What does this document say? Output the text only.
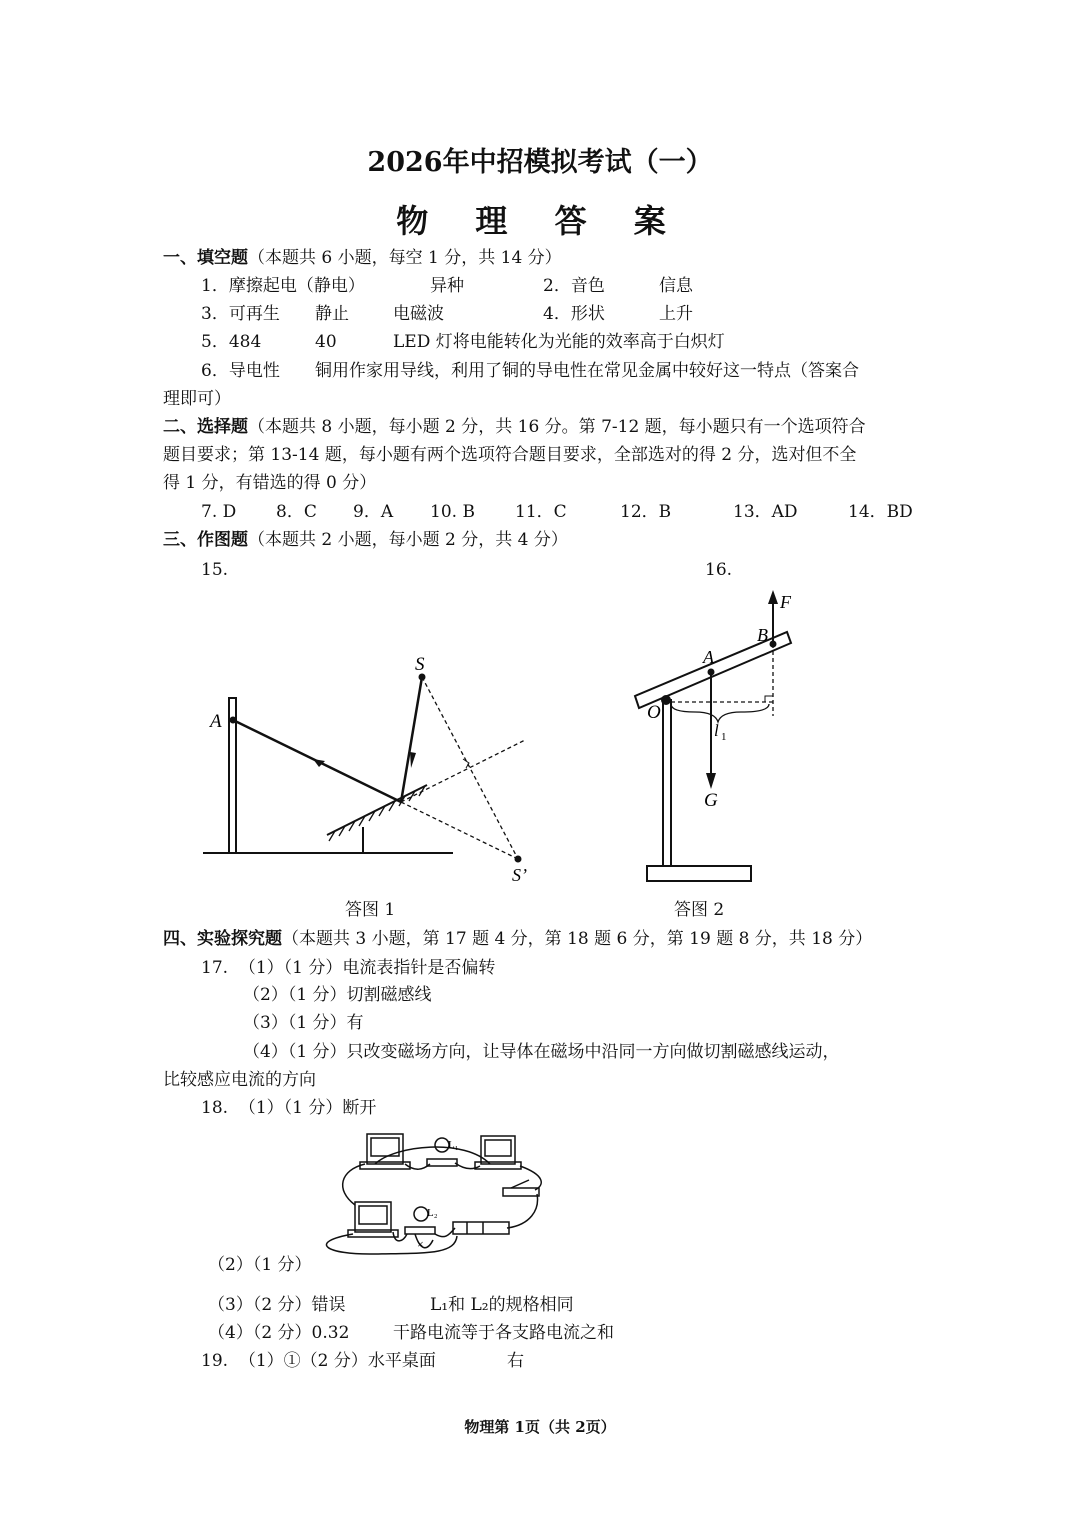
2026年中招模拟考试（一）
物 理 答 案
一、填空题（本题共 6 小题，每空 1 分，共 14 分）
1．摩擦起电（静电）	异种	2．音色	信息
3．可再生 静止	电磁波	4．形状	上升
5．484	40	LED 灯将电能转化为光能的效率高于白炽灯
6．导电性 铜用作家用导线，利用了铜的导电性在常见金属中较好这一特点（答案合
理即可）
二、选择题（本题共 8 小题，每小题 2 分，共 16 分。第 7-12 题，每小题只有一个选项符合
题目要求；第 13-14 题，每小题有两个选项符合题目要求，全部选对的得 2 分，选对但不全
得 1 分，有错选的得 0 分）
7. D 8．C 9．A 10. B 11．C	12．B	13．AD	14．BD
三、作图题（本题共 2 小题，每小题 2 分，共 4 分）
15.	16.
A
S
S’
答图 1
O
A
B
F
G
l 1
答图 2
四、实验探究题（本题共 3 小题，第 17 题 4 分，第 18 题 6 分，第 19 题 8 分，共 18 分）
17. （1）（1 分）电流表指针是否偏转
（2）（1 分）切割磁感线
（3）（1 分）有
（4）（1 分）只改变磁场方向，让导体在磁场中沿同一方向做切割磁感线运动，
比较感应电流的方向
18. （1）（1 分）断开
L₁
L₂
×
（2）（1 分）
（3）（2 分）错误	L₁和 L₂的规格相同
（4）（2 分）0.32	干路电流等于各支路电流之和
19. （1）①（2 分）水平桌面	右
物理第 1页（共 2页）
